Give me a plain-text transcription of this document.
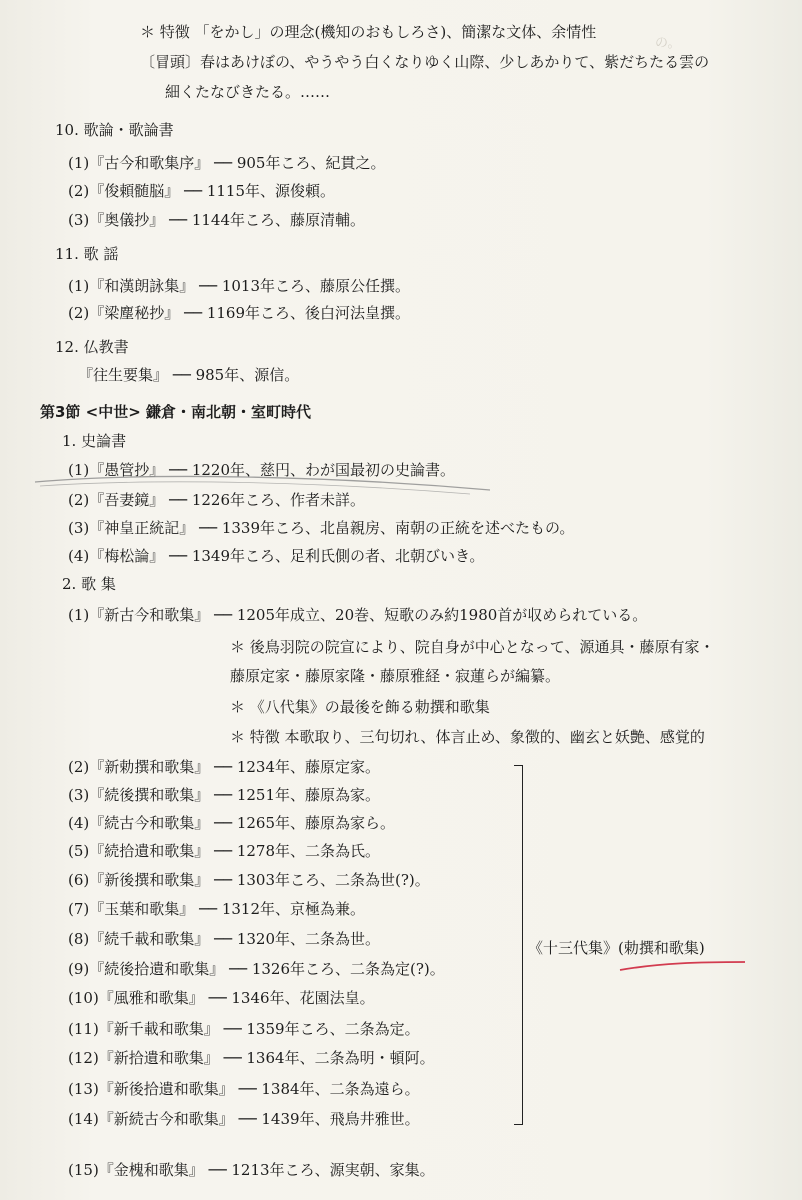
の。
＊ 特徴 「をかし」の理念(機知のおもしろさ)、簡潔な文体、余情性
〔冒頭〕春はあけぼの、やうやう白くなりゆく山際、少しあかりて、紫だちたる雲の
細くたなびきたる。……
10. 歌論・歌論書
(1)『古今和歌集序』 ── 905年ころ、紀貫之。
(2)『俊頼髄脳』 ── 1115年、源俊頼。
(3)『奥儀抄』 ── 1144年ころ、藤原清輔。
11. 歌 謡
(1)『和漢朗詠集』 ── 1013年ころ、藤原公任撰。
(2)『梁塵秘抄』 ── 1169年ころ、後白河法皇撰。
12. 仏教書
『往生要集』 ── 985年、源信。
第3節 <中世> 鎌倉・南北朝・室町時代
1. 史論書
(1)『愚管抄』 ── 1220年、慈円、わが国最初の史論書。
(2)『吾妻鏡』 ── 1226年ころ、作者未詳。
(3)『神皇正統記』 ── 1339年ころ、北畠親房、南朝の正統を述べたもの。
(4)『梅松論』 ── 1349年ころ、足利氏側の者、北朝びいき。
2. 歌 集
(1)『新古今和歌集』 ── 1205年成立、20巻、短歌のみ約1980首が収められている。
＊ 後鳥羽院の院宣により、院自身が中心となって、源通具・藤原有家・
藤原定家・藤原家隆・藤原雅経・寂蓮らが編纂。
＊ 《八代集》の最後を飾る勅撰和歌集
＊ 特徴 本歌取り、三句切れ、体言止め、象徴的、幽玄と妖艶、感覚的
(2)『新勅撰和歌集』 ── 1234年、藤原定家。
(3)『続後撰和歌集』 ── 1251年、藤原為家。
(4)『続古今和歌集』 ── 1265年、藤原為家ら。
(5)『続拾遺和歌集』 ── 1278年、二条為氏。
(6)『新後撰和歌集』 ── 1303年ころ、二条為世(?)。
(7)『玉葉和歌集』 ── 1312年、京極為兼。
(8)『続千載和歌集』 ── 1320年、二条為世。
(9)『続後拾遺和歌集』 ── 1326年ころ、二条為定(?)。
(10)『風雅和歌集』 ── 1346年、花園法皇。
(11)『新千載和歌集』 ── 1359年ころ、二条為定。
(12)『新拾遺和歌集』 ── 1364年、二条為明・頓阿。
(13)『新後拾遺和歌集』 ── 1384年、二条為遠ら。
(14)『新続古今和歌集』 ── 1439年、飛鳥井雅世。
《十三代集》(勅撰和歌集)
(15)『金槐和歌集』 ── 1213年ころ、源実朝、家集。
